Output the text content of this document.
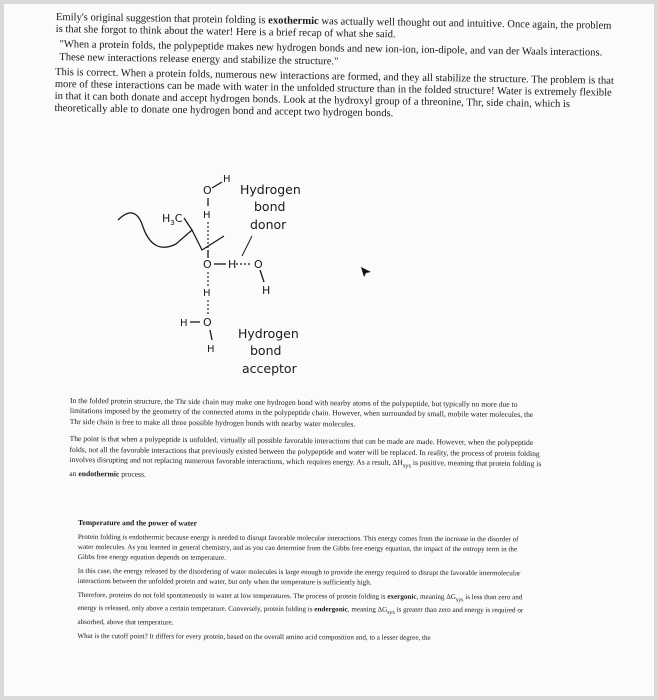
Emily's original suggestion that protein folding is exothermic was actually well thought out and intuitive. Once again, the problem is that she forgot to think about the water! Here is a brief recap of what she said.

"When a protein folds, the polypeptide makes new hydrogen bonds and new ion-ion, ion-dipole, and van der Waals interactions. These new interactions release energy and stabilize the structure."

This is correct. When a protein folds, numerous new interactions are formed, and they all stabilize the structure. The problem is that more of these interactions can be made with water in the unfolded structure than in the folded structure! Water is extremely flexible in that it can both donate and accept hydrogen bonds. Look at the hydroxyl group of a threonine, Thr, side chain, which is theoretically able to donate one hydrogen bond and accept two hydrogen bonds.

$H_3C$
O H O
H
O
H
H
H
O
H
H
Hydrogen
bond
donor
Hydrogen
bond
acceptor

In the folded protein structure, the Thr side chain may make one hydrogen bond with nearby atoms of the polypeptide, but typically no more due to limitations imposed by the geometry of the connected atoms in the polypeptide chain. However, when surrounded by small, mobile water molecules, the Thr side chain is free to make all three possible hydrogen bonds with nearby water molecules.

The point is that when a polypeptide is unfolded, virtually all possible favorable interactions that can be made are made. However, when the polypeptide folds, not all the favorable interactions that previously existed between the polypeptide and water will be replaced. In reality, the process of protein folding involves disrupting and not replacing numerous favorable interactions, which requires energy. As a result, $\Delta H_{sys}$ is positive, meaning that protein folding is an endothermic process.

Temperature and the power of water

Protein folding is endothermic because energy is needed to disrupt favorable molecular interactions. This energy comes from the increase in the disorder of water molecules. As you learned in general chemistry, and as you can determine from the Gibbs free energy equation, the impact of the entropy term in the Gibbs free energy equation depends on temperature.

In this case, the energy released by the disordering of water molecules is large enough to provide the energy required to disrupt the favorable intermolecular interactions between the unfolded protein and water, but only when the temperature is sufficiently high.

Therefore, proteins do not fold spontaneously in water at low temperatures. The process of protein folding is exergonic, meaning $\Delta G_{sys}$ is less than zero and energy is released, only above a certain temperature. Conversely, protein folding is endergonic, meaning $\Delta G_{sys}$ is greater than zero and energy is required or absorbed, above that temperature.

What is the cutoff point? It differs for every protein, based on the overall amino acid composition and, to a lesser degree, the
